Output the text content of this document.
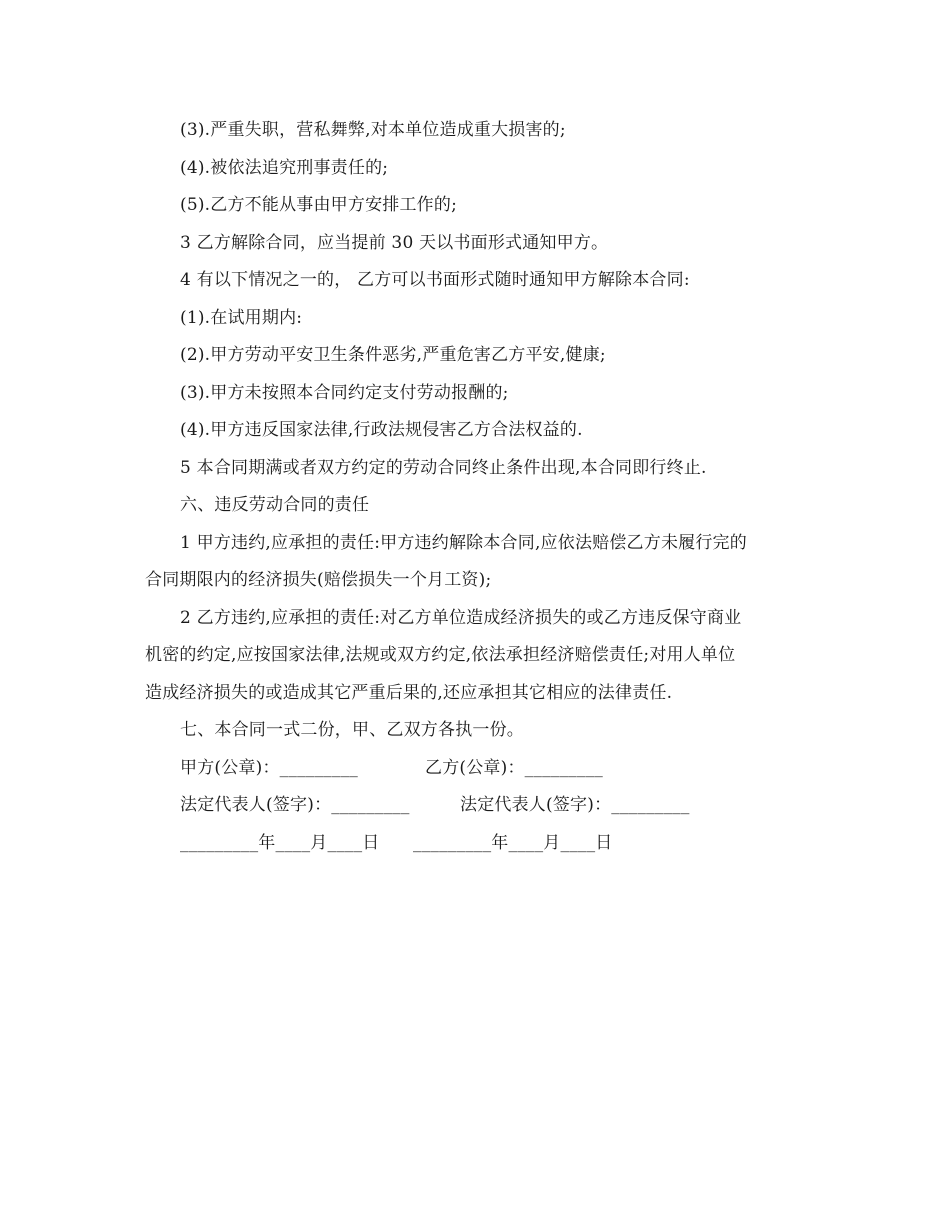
(3).严重失职，营私舞弊,对本单位造成重大损害的;
(4).被依法追究刑事责任的;
(5).乙方不能从事由甲方安排工作的;
3 乙方解除合同，应当提前 30 天以书面形式通知甲方。
4 有以下情况之一的， 乙方可以书面形式随时通知甲方解除本合同:
(1).在试用期内:
(2).甲方劳动平安卫生条件恶劣,严重危害乙方平安,健康;
(3).甲方未按照本合同约定支付劳动报酬的;
(4).甲方违反国家法律,行政法规侵害乙方合法权益的.
5 本合同期满或者双方约定的劳动合同终止条件出现,本合同即行终止.
六、违反劳动合同的责任
1 甲方违约,应承担的责任:甲方违约解除本合同,应依法赔偿乙方未履行完的
合同期限内的经济损失(赔偿损失一个月工资);
2 乙方违约,应承担的责任:对乙方单位造成经济损失的或乙方违反保守商业
机密的约定,应按国家法律,法规或双方约定,依法承担经济赔偿责任;对用人单位
造成经济损失的或造成其它严重后果的,还应承担其它相应的法律责任.
七、本合同一式二份，甲、乙双方各执一份。
甲方(公章)：_________	乙方(公章)：_________
法定代表人(签字)：_________	法定代表人(签字)：_________
_________年____月____日	_________年____月____日
